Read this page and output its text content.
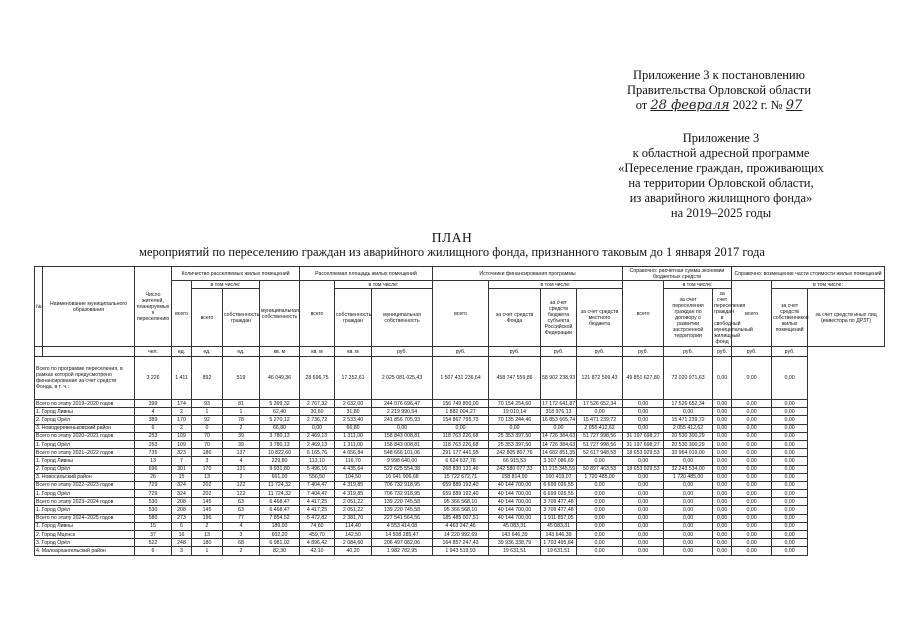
Приложение 3 к постановлению
Правительства Орловской области
от 28 февраля 2022 г. № 97
Приложение 3
к областной адресной программе
«Переселение граждан, проживающих
на территории Орловской области,
из аварийного жилищного фонда»
на 2019–2025 годы
ПЛАН
мероприятий по переселению граждан из аварийного жилищного фонда, признанного таковым до 1 января 2017 года
№	Наименование муниципального образования	Число жителей, планируемых к переселению	Количество расселяемых жилых помещений				Расселяемая площадь жилых помещений			Источники финансирования программы				Справочно: расчетная сумма экономии бюджетных средств			Справочно: возмещение части стоимости жилых помещений		
			всего	в том числе:		муниципальная собственность	всего	в том числе:		всего	в том числе:			всего	в том числе:		всего	в том числе:	
				всего	собственность граждан			собственность граждан	муниципальная собственность		за счет средств Фонда	за счет средств бюджета субъекта Российской Федерации	за счет средств местного бюджета		за счет переселения граждан по договору о развитии застроенной территории	за счет переселения граждан в свободный муниципальный жилищный фонд		за счет средств собственников жилых помещений	за счет средств иных лиц (инвестора по ДРЗТ)
		чел.	ед.	ед.	ед.	кв. м	кв. м	кв. м	руб.	руб.	руб.	руб.	руб.	руб.	руб.	руб.	руб.	руб.	
Всего по программе переселения, в рамках которой предусмотрено финансирование за счет средств Фонда, в т. ч.:		3 226	1 411	892	519	46 049,36	28 696,75	17 352,61	2 025 081 025,43	1 507 431 236,64	458 747 559,86	58 902 238,93	121 872 599,43	49 851 627,80	72 020 971,63	0,00	0,00	0,00	
Всего по этапу 2019–2020 годов		399	174	93	81	5 399,32	2 767,32	2 632,00	244 076 696,47	156 749 800,00	70 154 254,60	17 172 641,87	17 526 652,34	0,00	17 526 652,34	0,00	0,00	0,00	
1. Город Ливны		4	2	1	1	62,40	30,60	31,80	2 219 990,54	1 882 004,27	19 010,14	318 976,13	0,00	0,00	0,00	0,00	0,00	0,00	
2. Город Орёл		389	170	92	78	5 270,12	2 736,72	2 533,40	241 856 705,93	154 867 795,73	70 135 244,46	16 853 665,74	15 471 239,72	0,00	15 471 239,72	0,00	0,00	0,00	
3. Новодеревеньковский район		6	2	0	2	66,80	0,00	66,80	0,00	0,00	0,00	0,00	2 055 412,62	0,00	2 055 412,62	0,00	0,00	0,00	
Всего по этапу 2020–2021 годов		253	109	70	39	3 780,13	2 469,13	1 311,00	158 843 008,81	118 763 226,68	25 353 397,50	14 726 384,63	51 727 998,56	31 197 698,27	20 530 300,29	0,00	0,00	0,00	
1. Город Орёл		253	109	70	39	3 780,13	2 469,13	1 311,00	158 843 008,81	118 763 226,68	25 353 397,50	14 726 384,63	51 727 998,56	31 197 698,27	20 530 300,29	0,00	0,00	0,00	
Всего по этапу 2021–2022 годов		735	323	186	137	10 822,60	6 165,76	4 656,84	548 666 101,06	291 177 441,95	242 805 807,76	14 682 851,35	52 617 948,53	18 653 929,53	33 964 019,00	0,00	0,00	0,00	
1. Город Ливны		13	7	3	4	229,80	113,10	116,70	9 998 640,00	6 624 637,78	66 915,53	3 307 086,69	0,00	0,00	0,00	0,00	0,00	0,00	
2. Город Орёл		696	301	170	131	9 931,80	5 496,16	4 435,64	522 625 554,38	268 830 131,46	242 580 077,33	11 215 345,59	50 897 463,53	18 653 929,53	32 243 534,00	0,00	0,00	0,00	
3. Новосильский район		26	15	13	2	661,00	556,50	104,50	16 041 906,68	15 722 672,71	158 814,90	160 419,07	1 720 485,00	0,00	1 720 485,00	0,00	0,00	0,00	
Всего по этапу 2022–2023 годов		729	324	202	122	11 724,32	7 404,47	4 319,85	706 732 918,95	659 889 192,40	40 144 700,00	6 699 026,55	0,00	0,00	0,00	0,00	0,00	0,00	
1. Город Орёл		729	324	202	122	11 724,32	7 404,47	4 319,85	706 732 918,95	659 889 192,40	40 144 700,00	6 699 026,55	0,00	0,00	0,00	0,00	0,00	0,00	
Всего по этапу 2023–2024 годов		530	208	145	63	6 468,47	4 417,25	2 051,22	139 220 745,58	95 366 568,10	40 144 700,00	3 709 477,48	0,00	0,00	0,00	0,00	0,00	0,00	
1. Город Орёл		530	208	145	63	6 468,47	4 417,25	2 051,22	139 220 745,58	95 366 568,10	40 144 700,00	3 709 477,48	0,00	0,00	0,00	0,00	0,00	0,00	
Всего по этапу 2024–2025 годов		580	273	196	77	7 854,52	5 472,82	2 381,70	227 541 564,56	185 485 007,51	40 144 700,00	1 911 857,05	0,00	0,00	0,00	0,00	0,00	0,00	
1. Город Ливны		15	6	2	4	189,00	74,60	114,40	4 553 414,08	4 463 247,46	45 083,31	45 083,31	0,00	0,00	0,00	0,00	0,00	0,00	
2. Город Мценск		37	16	13	3	602,20	459,70	142,50	14 508 285,47	14 220 992,69	143 646,39	143 646,39	0,00	0,00	0,00	0,00	0,00	0,00	
3. Город Орёл		522	248	180	68	6 981,02	4 896,42	2 084,60	206 497 082,06	164 857 247,43	39 936 338,79	1 703 495,84	0,00	0,00	0,00	0,00	0,00	0,00	
4. Малоархангельский район		6	3	1	2	82,30	42,10	40,20	1 982 782,95	1 943 519,93	19 631,51	19 631,51	0,00	0,00	0,00	0,00	0,00	0,00	
